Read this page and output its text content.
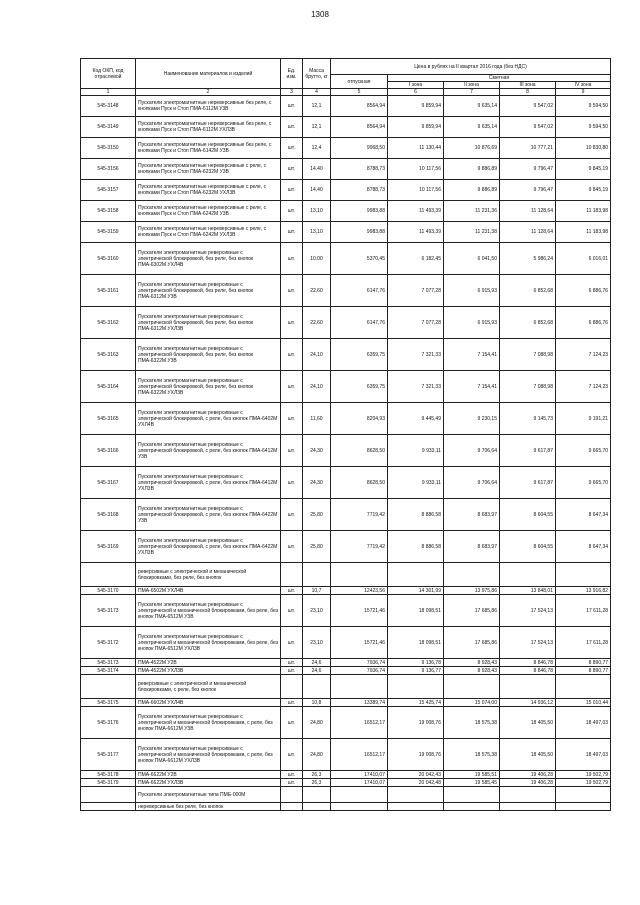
1308
Код ОКП, код отраслевой	Наименование материалов и изделий	Ед. изм.	Масса брутто, кг	Цена в рублях на II квартал 2016 года (без НДС)				
				отпускная	Сметная			
					I зона	II зона	III зона	IV зона
1	2	3	4	5	6	7	8	9
545-3148	Пускатели электромагнитные нереверсивные без реле, с кнопками Пуск и Стоп ПМА-6112М У3В	шт.	12,1	8564,94	9 859,94	9 635,14	9 547,02	9 594,50
545-3149	Пускатели электромагнитные нереверсивные без реле, с кнопками Пуск и Стоп ПМА-6112М УХЛ3В	шт.	12,1	8564,94	9 859,94	9 635,14	9 547,02	9 594,50
545-3150	Пускатели электромагнитные нереверсивные без реле, с кнопками Пуск и Стоп ПМА-6142М У3В	шт.	12,4	9968,50	11 130,44	10 876,69	10 777,21	10 830,80
545-3156	Пускатели электромагнитные нереверсивные с реле, с кнопками Пуск и Стоп ПМА-6232М У3В	шт.	14,40	8788,73	10 117,56	9 886,89	9 796,47	9 845,19
545-3157	Пускатели электромагнитные нереверсивные с реле, с кнопками Пуск и Стоп ПМА-6232М УХЛ3В	шт.	14,40	8788,73	10 117,56	9 886,89	9 796,47	9 845,19
545-3158	Пускатели электромагнитные нереверсивные с реле, с кнопками Пуск и Стоп ПМА-6242М У3В	шт.	13,10	9983,88	11 493,39	11 231,36	11 128,64	11 183,98
545-3159	Пускатели электромагнитные нереверсивные с реле, с кнопками Пуск и Стоп ПМА-6242М УХЛ3В	шт.	13,10	9983,88	11 493,39	11 231,38	11 128,64	11 183,98
545-3160	Пускатели электромагнитные реверсивные с электрической блокировкой, без реле, без кнопок ПМА-6302М УХЛ4В	шт.	10,00	5370,45	6 182,45	6 041,50	5 986,24	6 016,01
545-3161	Пускатели электромагнитные реверсивные с электрической блокировкой, без реле, без кнопок ПМА-6312М У3В	шт.	22,60	6147,76	7 077,28	6 915,93	6 852,68	6 886,76
545-3162	Пускатели электромагнитные реверсивные с электрической блокировкой, без реле, без кнопок ПМА-6312М УХЛ3В	шт.	22,60	6147,76	7 077,28	6 915,93	6 852,68	6 886,76
545-3163	Пускатели электромагнитные реверсивные с электрической блокировкой, без реле, без кнопок ПМА-6322М У3В	шт.	24,10	6359,75	7 321,33	7 154,41	7 088,98	7 124,23
545-3164	Пускатели электромагнитные реверсивные с электрической блокировкой, без реле, без кнопок ПМА-6322М УХЛ3В	шт.	24,10	6359,75	7 321,33	7 154,41	7 088,98	7 124,23
545-3165	Пускатели электромагнитные реверсивные с электрической блокировкой, с реле, без кнопок ПМА-6402М УХЛ4В	шт.	11,60	8204,93	9 445,49	9 230,15	9 145,73	9 191,21
545-3166	Пускатели электромагнитные реверсивные с электрической блокировкой, с реле, без кнопок ПМА-6412М У3В	шт.	24,30	8628,50	9 933,11	9 706,64	9 617,87	9 665,70
545-3167	Пускатели электромагнитные реверсивные с электрической блокировкой, с реле, без кнопок ПМА-6412М УХЛ3В	шт.	24,30	8628,50	9 933,11	9 706,64	9 617,87	9 665,70
545-3168	Пускатели электромагнитные реверсивные с электрической блокировкой, с реле, без кнопок ПМА-6422М У3В	шт.	25,80	7719,42	8 886,58	8 683,97	8 604,55	8 647,34
545-3169	Пускатели электромагнитные реверсивные с электрической блокировкой, с реле, без кнопок ПМА-6422М УХЛ3В	шт.	25,80	7719,42	8 886,58	8 683,97	8 604,55	8 647,34
	реверсивные с электрической и механической блокировками, без реле, без кнопок							
545-3170	ПМА-6502М УХЛ4В	шт.	10,7	12423,56	14 301,99	13 975,86	13 848,01	13 916,82
545-3173	Пускатели электромагнитные реверсивные с электрической и механической блокировками, без реле, без кнопок ПМА-6512М У3В	шт.	23,10	15721,46	18 098,51	17 685,86	17 524,13	17 611,28
545-3172	Пускатели электромагнитные реверсивные с электрической и механической блокировками, без реле, без кнопок ПМА-6512М УХЛ3В	шт.	23,10	15721,46	18 098,51	17 685,86	17 524,13	17 611,28
545-3173	ПМА-4522М У2В	шт.	24,6	7936,74	9 136,78	8 928,43	8 846,78	8 890,77
545-3174	ПМА-4522М УХЛ3В	шт.	24,6	7936,74	9 136,77	8 928,43	8 846,78	8 890,77
	реверсивные с электрической и механической блокировками, с реле, без кнопок							
545-3175	ПМА-6602М УХЛ4В	шт.	10,8	13389,74	15 425,74	15 074,00	14 936,12	15 010,44
545-3176	Пускатели электромагнитные реверсивные с электрической и механической блокировками, с реле, без кнопок ПМА-6612М У3В	шт.	24,80	16512,17	19 008,76	18 575,38	18 405,50	18 497,03
545-3177	Пускатели электромагнитные реверсивные с электрической и механической блокировками, с реле, без кнопок ПМА-6612М УХЛ3В	шт.	24,80	16512,17	19 008,76	18 575,38	18 405,50	18 497,03
545-3178	ПМА-6622М У2В	шт.	26,3	17410,07	20 042,43	19 585,51	19 406,28	19 502,79
545-3179	ПМА-6622М УХЛ3В	шт.	26,3	17410,07	20 042,48	19 585,45	19 406,28	19 502,79
	Пускатели электромагнитные типа ПМЕ-000М							
	нереверсивные без реле, без кнопок							
